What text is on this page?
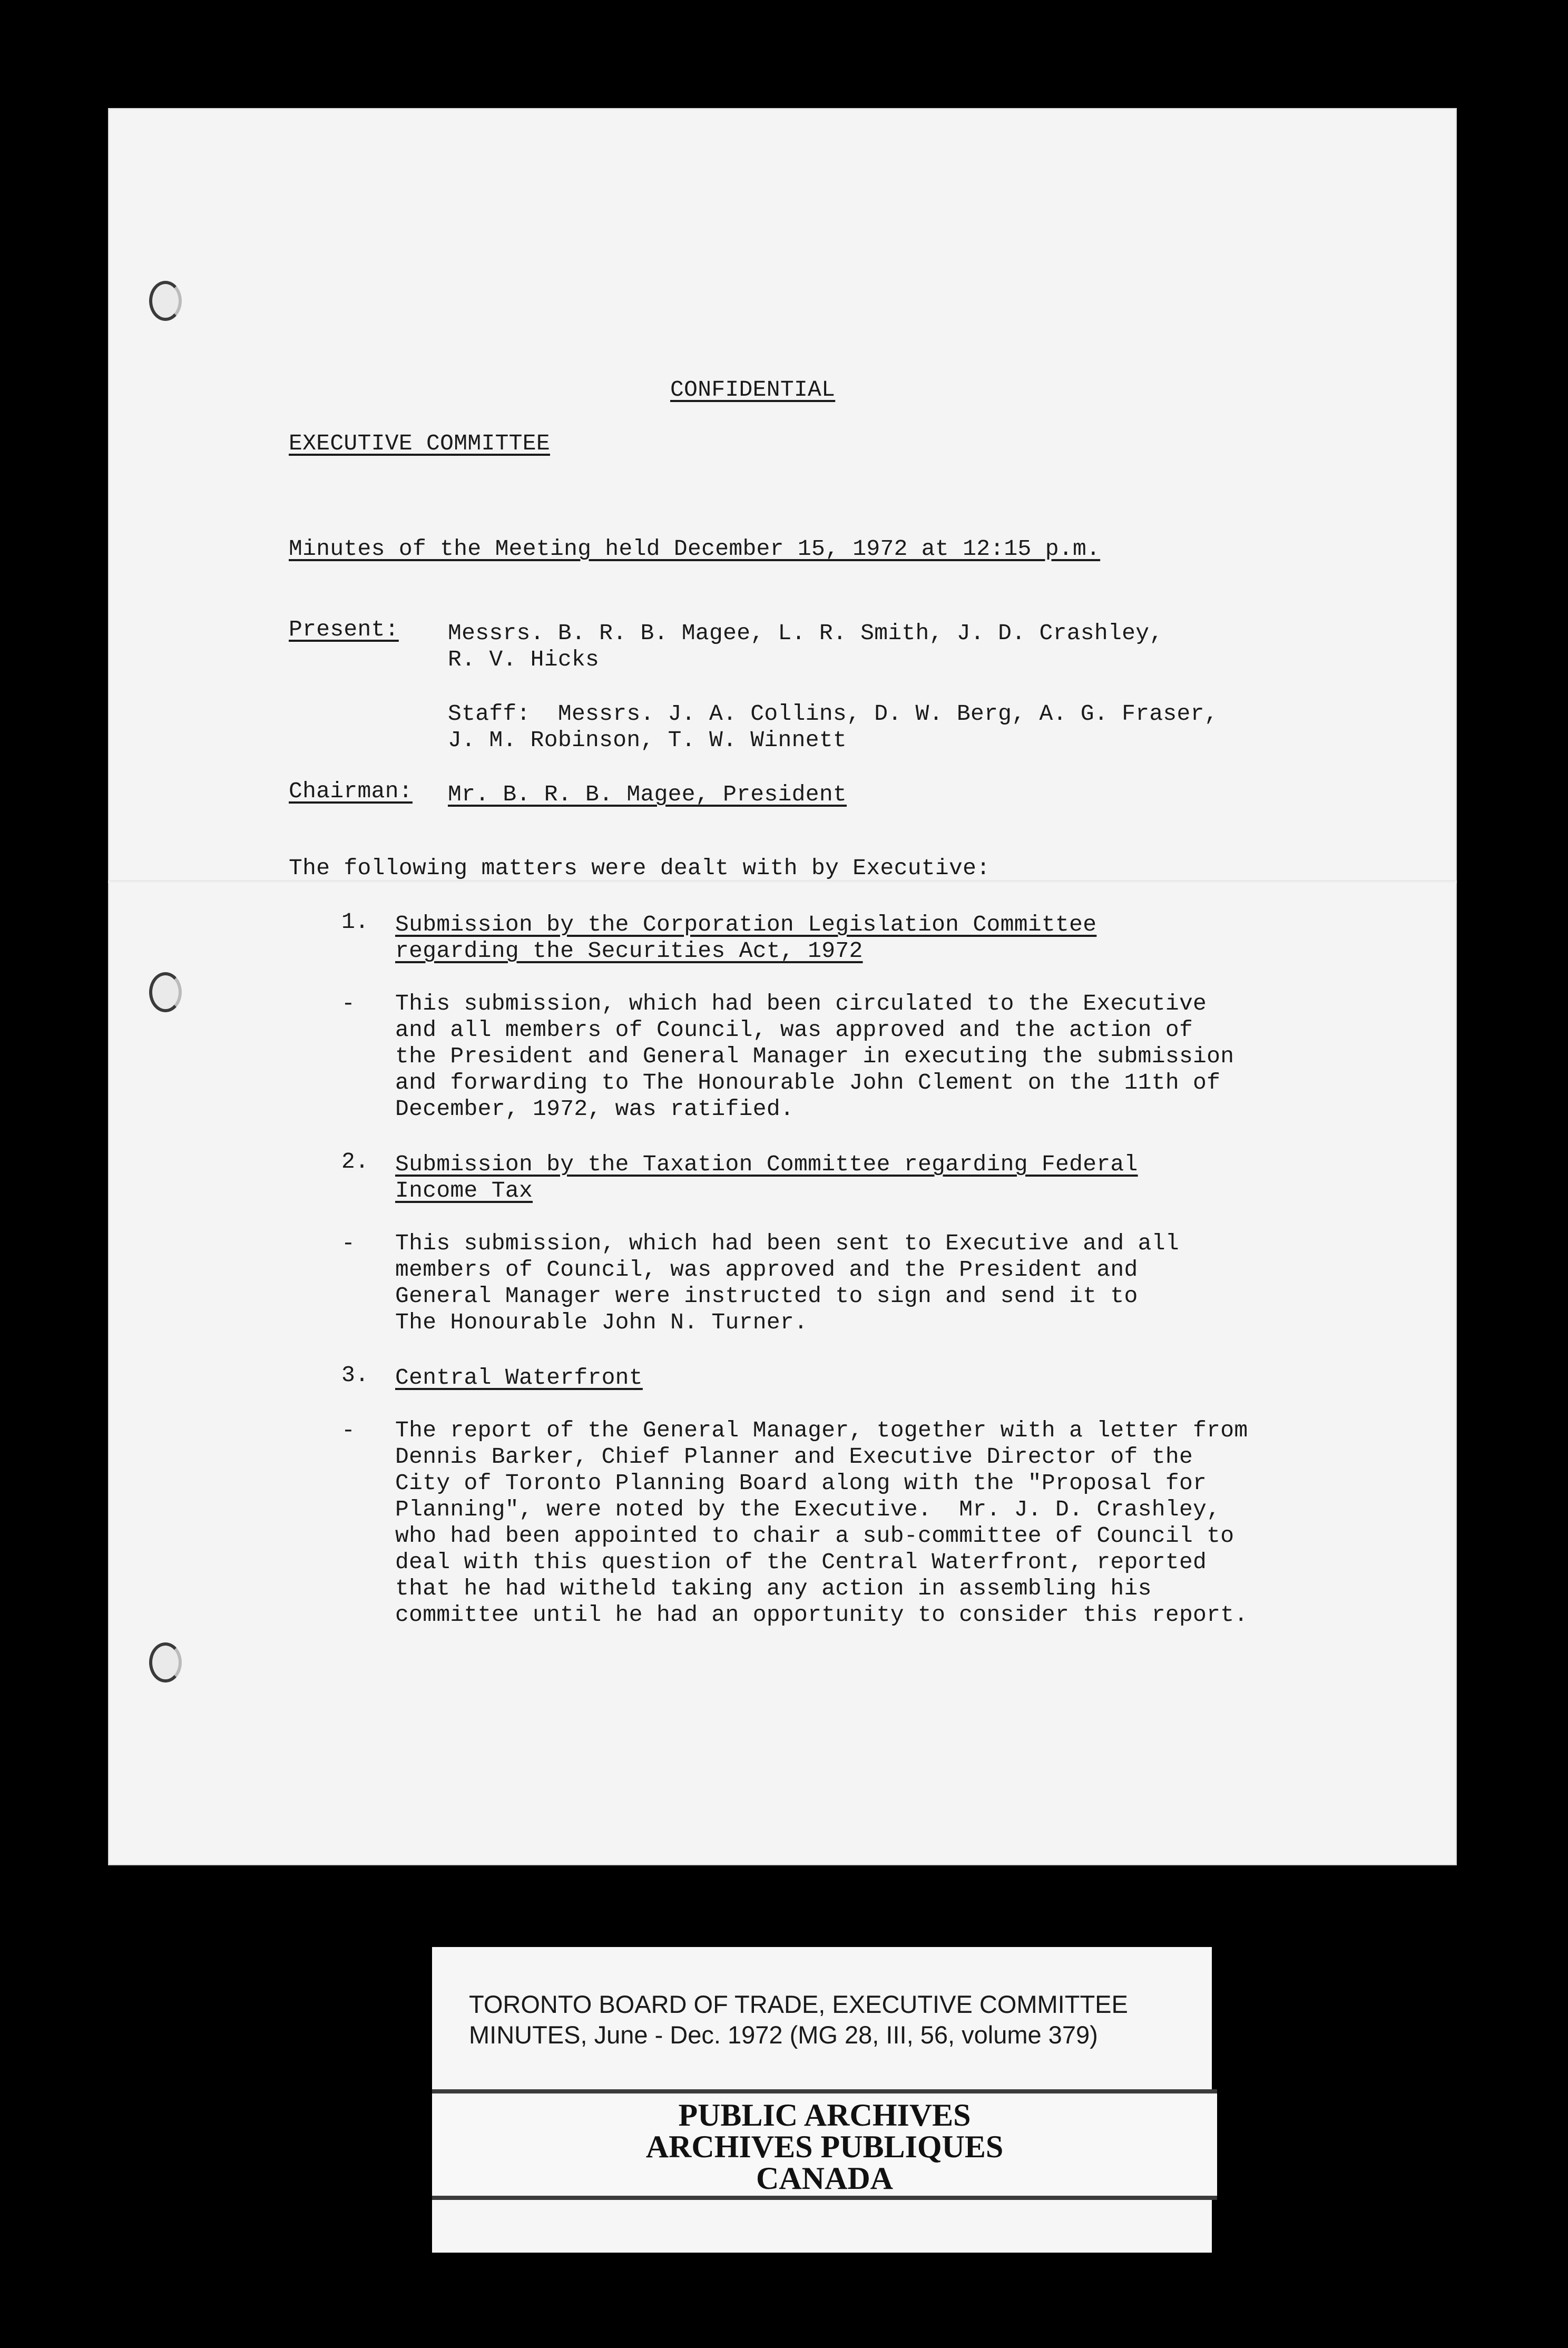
CONFIDENTIAL
EXECUTIVE COMMITTEE
Minutes of the Meeting held December 15, 1972 at 12:15 p.m.
Present: Messrs. B. R. B. Magee, L. R. Smith, J. D. Crashley,
R. V. Hicks
Staff:  Messrs. J. A. Collins, D. W. Berg, A. G. Fraser,
J. M. Robinson, T. W. Winnett
Chairman: Mr. B. R. B. Magee, President
The following matters were dealt with by Executive:
1. Submission by the Corporation Legislation Committee
regarding the Securities Act, 1972
- This submission, which had been circulated to the Executive
and all members of Council, was approved and the action of
the President and General Manager in executing the submission
and forwarding to The Honourable John Clement on the 11th of
December, 1972, was ratified.
2. Submission by the Taxation Committee regarding Federal
Income Tax
- This submission, which had been sent to Executive and all
members of Council, was approved and the President and
General Manager were instructed to sign and send it to
The Honourable John N. Turner.
3. Central Waterfront
- The report of the General Manager, together with a letter from
Dennis Barker, Chief Planner and Executive Director of the
City of Toronto Planning Board along with the "Proposal for
Planning", were noted by the Executive.  Mr. J. D. Crashley,
who had been appointed to chair a sub-committee of Council to
deal with this question of the Central Waterfront, reported
that he had witheld taking any action in assembling his
committee until he had an opportunity to consider this report.
TORONTO BOARD OF TRADE, EXECUTIVE COMMITTEE
MINUTES, June - Dec. 1972 (MG 28, III, 56, volume 379)
PUBLIC ARCHIVES
ARCHIVES PUBLIQUES
CANADA
